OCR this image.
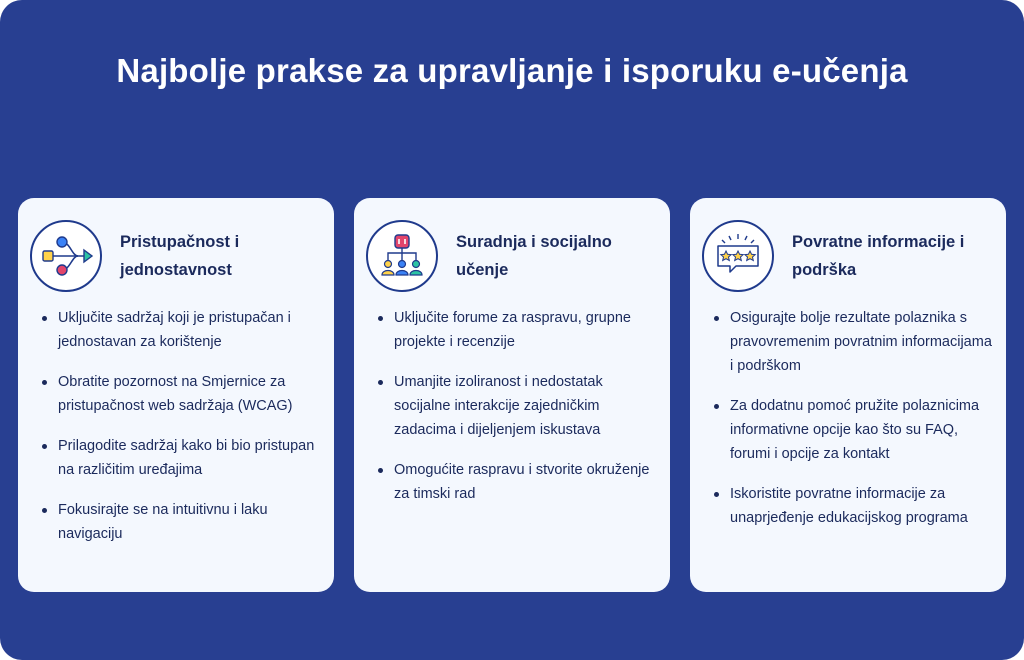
Najbolje prakse za upravljanje i isporuku e-učenja
Pristupačnost i jednostavnost
Uključite sadržaj koji je pristupačan i jednostavan za korištenje
Obratite pozornost na Smjernice za pristupačnost web sadržaja (WCAG)
Prilagodite sadržaj kako bi bio pristupan na različitim uređajima
Fokusirajte se na intuitivnu i laku navigaciju
Suradnja i socijalno učenje
Uključite forume za raspravu, grupne projekte i recenzije
Umanjite izoliranost i nedostatak socijalne interakcije zajedničkim zadacima i dijeljenjem iskustava
Omogućite raspravu i stvorite okruženje za timski rad
Povratne informacije i podrška
Osigurajte bolje rezultate polaznika s pravovremenim povratnim informacijama i podrškom
Za dodatnu pomoć pružite polaznicima informativne opcije kao što su FAQ, forumi i opcije za kontakt
Iskoristite povratne informacije za unaprjeđenje edukacijskog programa
